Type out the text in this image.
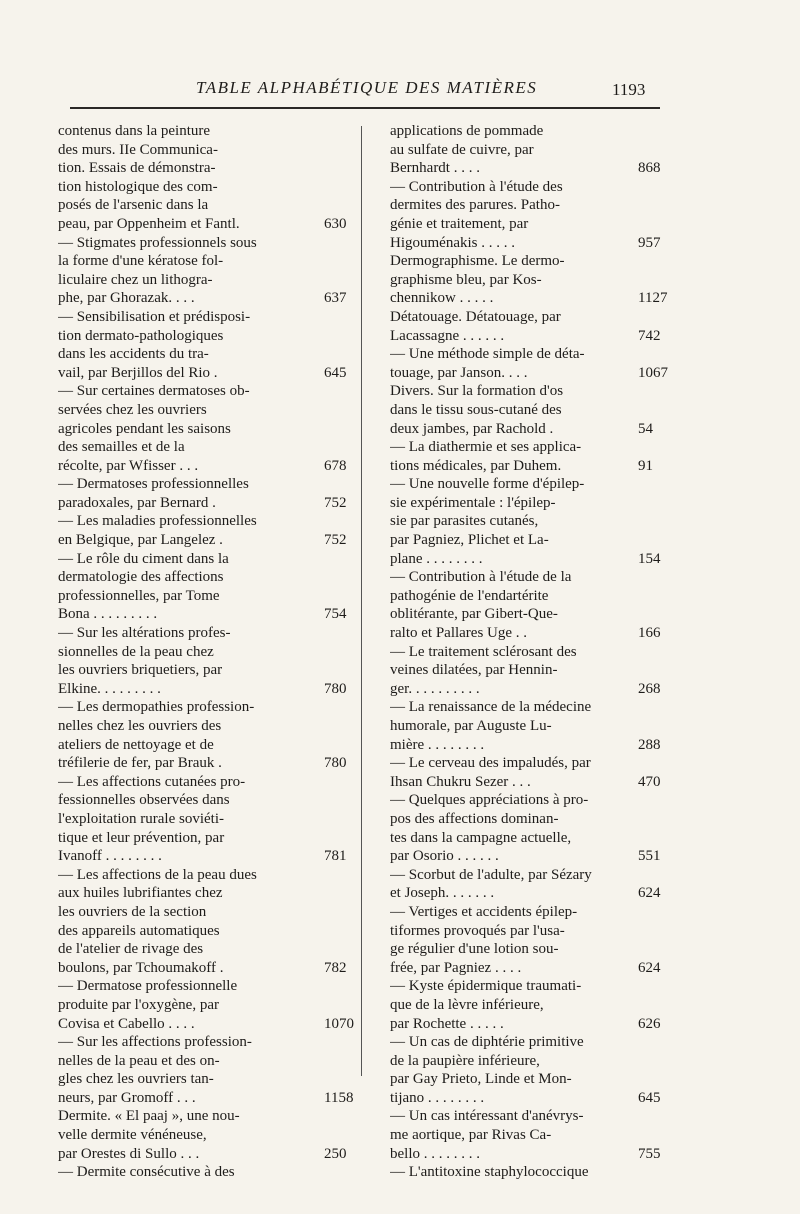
TABLE ALPHABÉTIQUE DES MATIÈRES	1193
contenus dans la peinture
des murs. IIe Communica-
tion. Essais de démonstra-
tion histologique des com-
posés de l'arsenic dans la
peau, par Oppenheim et Fantl.	630
— Stigmates professionnels sous
la forme d'une kératose fol-
liculaire chez un lithogra-
phe, par Ghorazak. . . .	637
— Sensibilisation et prédisposi-
tion dermato-pathologiques
dans les accidents du tra-
vail, par Berjillos del Rio .	645
— Sur certaines dermatoses ob-
servées chez les ouvriers
agricoles pendant les saisons
des semailles et de la
récolte, par Wfisser . . .	678
— Dermatoses professionnelles
paradoxales, par Bernard .	752
— Les maladies professionnelles
en Belgique, par Langelez .	752
— Le rôle du ciment dans la
dermatologie des affections
professionnelles, par Tome
Bona . . . . . . . . .	754
— Sur les altérations profes-
sionnelles de la peau chez
les ouvriers briquetiers, par
Elkine. . . . . . . . .	780
— Les dermopathies profession-
nelles chez les ouvriers des
ateliers de nettoyage et de
tréfilerie de fer, par Brauk .	780
— Les affections cutanées pro-
fessionnelles observées dans
l'exploitation rurale soviéti-
tique et leur prévention, par
Ivanoff . . . . . . . .	781
— Les affections de la peau dues
aux huiles lubrifiantes chez
les ouvriers de la section
des appareils automatiques
de l'atelier de rivage des
boulons, par Tchoumakoff .	782
— Dermatose professionnelle
produite par l'oxygène, par
Covisa et Cabello . . . .	1070
— Sur les affections profession-
nelles de la peau et des on-
gles chez les ouvriers tan-
neurs, par Gromoff . . .	1158
Dermite. « El paaj », une nou-
velle dermite vénéneuse,
par Orestes di Sullo . . .	250
— Dermite consécutive à des
applications de pommade
au sulfate de cuivre, par
Bernhardt . . . .	868
— Contribution à l'étude des
dermites des parures. Patho-
génie et traitement, par
Higouménakis . . . . .	957
Dermographisme. Le dermo-
graphisme bleu, par Kos-
chennikow . . . . .	1127
Détatouage. Détatouage, par
Lacassagne . . . . . .	742
— Une méthode simple de déta-
touage, par Janson. . . .	1067
Divers. Sur la formation d'os
dans le tissu sous-cutané des
deux jambes, par Rachold .	54
— La diathermie et ses applica-
tions médicales, par Duhem.	91
— Une nouvelle forme d'épilep-
sie expérimentale : l'épilep-
sie par parasites cutanés,
par Pagniez, Plichet et La-
plane . . . . . . . .	154
— Contribution à l'étude de la
pathogénie de l'endartérite
oblitérante, par Gibert-Que-
ralto et Pallares Uge . .	166
— Le traitement sclérosant des
veines dilatées, par Hennin-
ger. . . . . . . . . .	268
— La renaissance de la médecine
humorale, par Auguste Lu-
mière . . . . . . . .	288
— Le cerveau des impaludés, par
Ihsan Chukru Sezer . . .	470
— Quelques appréciations à pro-
pos des affections dominan-
tes dans la campagne actuelle,
par Osorio . . . . . .	551
— Scorbut de l'adulte, par Sézary
et Joseph. . . . . . .	624
— Vertiges et accidents épilep-
tiformes provoqués par l'usa-
ge régulier d'une lotion sou-
frée, par Pagniez . . . .	624
— Kyste épidermique traumati-
que de la lèvre inférieure,
par Rochette . . . . .	626
— Un cas de diphtérie primitive
de la paupière inférieure,
par Gay Prieto, Linde et Mon-
tijano . . . . . . . .	645
— Un cas intéressant d'anévrys-
me aortique, par Rivas Ca-
bello . . . . . . . .	755
— L'antitoxine staphylococcique
